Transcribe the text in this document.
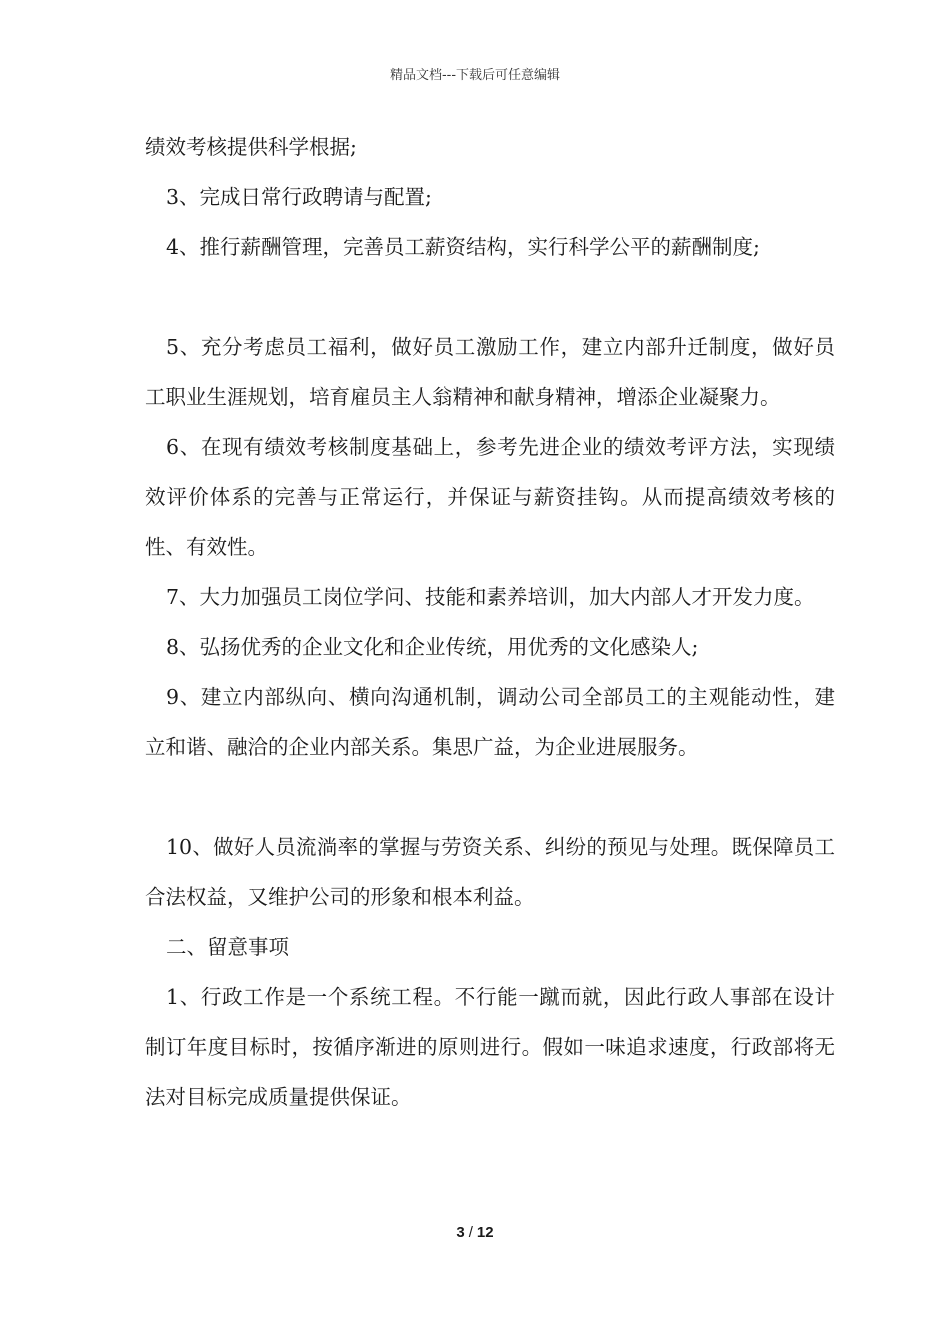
精品文档---下载后可任意编辑

绩效考核提供科学根据;

3、完成日常行政聘请与配置;

4、推行薪酬管理，完善员工薪资结构，实行科学公平的薪酬制度;

5、充分考虑员工福利，做好员工激励工作，建立内部升迁制度，做好员工职业生涯规划，培育雇员主人翁精神和献身精神，增添企业凝聚力。

6、在现有绩效考核制度基础上，参考先进企业的绩效考评方法，实现绩效评价体系的完善与正常运行，并保证与薪资挂钩。从而提高绩效考核的性、有效性。

7、大力加强员工岗位学问、技能和素养培训，加大内部人才开发力度。

8、弘扬优秀的企业文化和企业传统，用优秀的文化感染人;

9、建立内部纵向、横向沟通机制，调动公司全部员工的主观能动性，建立和谐、融洽的企业内部关系。集思广益，为企业进展服务。

10、做好人员流淌率的掌握与劳资关系、纠纷的预见与处理。既保障员工合法权益，又维护公司的形象和根本利益。

二、留意事项

1、行政工作是一个系统工程。不行能一蹴而就，因此行政人事部在设计制订年度目标时，按循序渐进的原则进行。假如一味追求速度，行政部将无法对目标完成质量提供保证。

3 / 12
